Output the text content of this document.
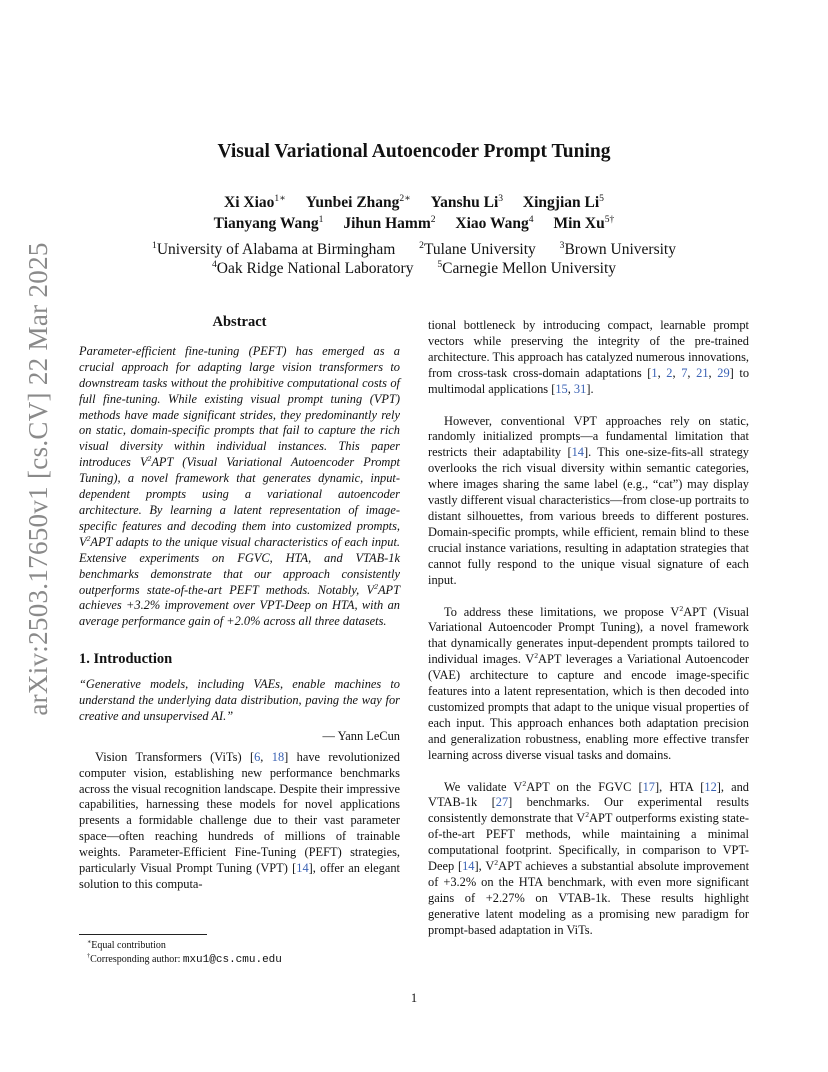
arXiv:2503.17650v1 [cs.CV] 22 Mar 2025
Visual Variational Autoencoder Prompt Tuning
Xi Xiao$^{1∗}$ Yunbei Zhang$^{2∗}$ Yanshu Li$^3$ Xingjian Li$^5$
Tianyang Wang$^1$ Jihun Hamm$^2$ Xiao Wang$^4$ Min $Xu^{5\dagger}$
$^1$University of Alabama at Birmingham $^2$Tulane University $^3$Brown University
$^4$Oak Ridge National Laboratory $^5$Carnegie Mellon University
Abstract

Parameter-efficient fine-tuning (PEFT) has emerged as a crucial approach for adapting large vision transformers to downstream tasks without the prohibitive computational costs of full fine-tuning. While existing visual prompt tuning (VPT) methods have made significant strides, they predominantly rely on static, domain-specific prompts that fail to capture the rich visual diversity within individual instances. This paper introduces $V^2APT$ (Visual Variational Autoencoder Prompt Tuning), a novel framework that generates dynamic, input-dependent prompts using a variational autoencoder architecture. By learning a latent representation of image-specific features and decoding them into customized prompts, $V^2APT$ adapts to the unique visual characteristics of each input. Extensive experiments on FGVC, HTA, and VTAB-1k benchmarks demonstrate that our approach consistently outperforms state-of-the-art PEFT methods. Notably, $V^2APT$ achieves +3.2% improvement over VPT-Deep on HTA, with an average performance gain of +2.0% across all three datasets.

1. Introduction

“Generative models, including VAEs, enable machines to understand the underlying data distribution, paving the way for creative and unsupervised AI.”

— Yann LeCun

Vision Transformers (ViTs) [6, 18] have revolutionized computer vision, establishing new performance benchmarks across the visual recognition landscape. Despite their impressive capabilities, harnessing these models for novel applications presents a formidable challenge due to their vast parameter space—often reaching hundreds of millions of trainable weights. Parameter-Efficient Fine-Tuning (PEFT) strategies, particularly Visual Prompt Tuning (VPT) [14], offer an elegant solution to this computa-

∗Equal contribution
†Corresponding author: mxu1@cs.cmu.edu

tional bottleneck by introducing compact, learnable prompt vectors while preserving the integrity of the pre-trained architecture. This approach has catalyzed numerous innovations, from cross-task cross-domain adaptations [1, 2, 7, 21, 29] to multimodal applications [15, 31].

However, conventional VPT approaches rely on static, randomly initialized prompts—a fundamental limitation that restricts their adaptability [14]. This one-size-fits-all strategy overlooks the rich visual diversity within semantic categories, where images sharing the same label (e.g., “cat”) may display vastly different visual characteristics—from close-up portraits to distant silhouettes, from various breeds to different postures. Domain-specific prompts, while efficient, remain blind to these crucial instance variations, resulting in adaptation strategies that cannot fully respond to the unique visual signature of each input.

To address these limitations, we propose $V^2APT$ (Visual Variational Autoencoder Prompt Tuning), a novel framework that dynamically generates input-dependent prompts tailored to individual images. $V^2APT$ leverages a Variational Autoencoder (VAE) architecture to capture and encode image-specific features into a latent representation, which is then decoded into customized prompts that adapt to the unique visual properties of each input. This approach enhances both adaptation precision and generalization robustness, enabling more effective transfer learning across diverse visual tasks and domains.

We validate $V^2APT$ on the FGVC [17], HTA [12], and VTAB-1k [27] benchmarks. Our experimental results consistently demonstrate that $V^2APT$ outperforms existing state-of-the-art PEFT methods, while maintaining a minimal computational footprint. Specifically, in comparison to VPT-Deep [14], $V^2APT$ achieves a substantial absolute improvement of +3.2% on the HTA benchmark, with even more significant gains of +2.27% on VTAB-1k. These results highlight generative latent modeling as a promising new paradigm for prompt-based adaptation in ViTs.

1
